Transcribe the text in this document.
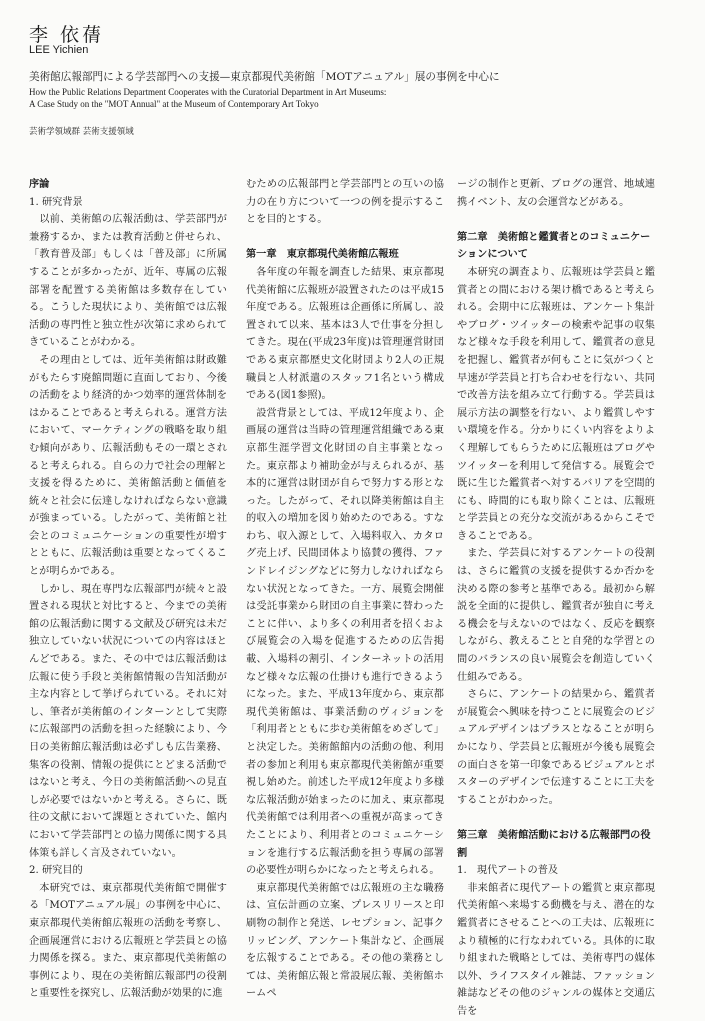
李 依蒨
LEE Yichien
美術館広報部門による学芸部門への支援—東京都現代美術館「MOTアニュアル」展の事例を中心に
How the Public Relations Department Cooperates with the Curatorial Department in Art Museums:
A Case Study on the "MOT Annual" at the Museum of Contemporary Art Tokyo
芸術学領域群 芸術支援領域
序論
1. 研究背景

以前、美術館の広報活動は、学芸部門が兼務するか、または教育活動と併せられ、「教育普及部」もしくは「普及部」に所属することが多かったが、近年、専属の広報部署を配置する美術館は多数存在している。こうした現状により、美術館では広報活動の専門性と独立性が次第に求められてきていることがわかる。

その理由としては、近年美術館は財政難がもたらす廃館問題に直面しており、今後の活動をより経済的かつ効率的運営体制をはかることであると考えられる。運営方法において、マーケティングの戦略を取り組む傾向があり、広報活動もその一環とされると考えられる。自らの力で社会の理解と支援を得るために、美術館活動と価値を統々と社会に伝達しなければならない意識が強まっている。したがって、美術館と社会とのコミュニケーションの重要性が増すとともに、広報活動は重要となってくることが明らかである。

しかし、現在専門な広報部門が続々と設置される現状と対比すると、今までの美術館の広報活動に関する文献及び研究は未だ独立していない状況についての内容はほとんどである。また、その中では広報活動は広報に使う手段と美術館情報の告知活動が主な内容として挙げられている。それに対し、筆者が美術館のインターンとして実際に広報部門の活動を担った経験により、今日の美術館広報活動は必ずしも広告業務、集客の役割、情報の提供にとどまる活動ではないと考え、今日の美術館活動への見直しが必要ではないかと考える。さらに、既往の文献において課題とされていた、館内において学芸部門との協力関係に関する具体策も詳しく言及されていない。

2. 研究目的

本研究では、東京都現代美術館で開催する「MOTアニュアル展」の事例を中心に、東京都現代美術館広報班の活動を考察し、企画展運営における広報班と学芸員との協力関係を探る。また、東京都現代美術館の事例により、現在の美術館広報部門の役割と重要性を探究し、広報活動が効果的に進

むための広報部門と学芸部門との互いの協力の在り方について一つの例を提示することを目的とする。

第一章　東京都現代美術館広報班

各年度の年報を調査した結果、東京都現代美術館に広報班が設置されたのは平成15年度である。広報班は企画係に所属し、設置されて以来、基本は3人で仕事を分担してきた。現在(平成23年度)は管理運営財団である東京都歴史文化財団より2人の正規職員と人材派遣のスタッフ1名という構成である(図1参照)。

設営背景としては、平成12年度より、企画展の運営は当時の管理運営組織である東京都生涯学習文化財団の自主事業となった。東京都より補助金が与えられるが、基本的に運営は財団が自らで努力する形となった。したがって、それ以降美術館は自主的収入の増加を図り始めたのである。すなわち、収入源として、入場料収入、カタログ売上げ、民間団体より協賛の獲得、ファンドレイジングなどに努力しなければならない状況となってきた。一方、展覧会開催は受託事業から財団の自主事業に替わったことに伴い、より多くの利用者を招くおよび展覧会の入場を促進するための広告掲載、入場料の割引、インターネットの活用など様々な広報の仕掛けも進行できるようになった。また、平成13年度から、東京都現代美術館は、事業活動のヴィジョンを「利用者とともに歩む美術館をめざして」と決定した。美術館館内の活動の他、利用者の参加と利用も東京都現代美術館が重要視し始めた。前述した平成12年度より多様な広報活動が始まったのに加え、東京都現代美術館では利用者への重視が高まってきたことにより、利用者とのコミュニケーションを進行する広報活動を担う専属の部署の必要性が明らかになったと考えられる。

東京都現代美術館では広報班の主な職務は、宣伝計画の立案、プレスリリースと印刷物の制作と発送、レセプション、記事クリッピング、アンケート集計など、企画展を広報することである。その他の業務としては、美術館広報と常設展広報、美術館ホームペ

ージの制作と更新、ブログの運営、地域連携イベント、友の会運営などがある。

第二章　美術館と鑑賞者とのコミュニケーションについて

本研究の調査より、広報班は学芸員と鑑賞者との間における架け橋であると考えられる。会期中に広報班は、アンケート集計やブログ・ツイッターの検索や記事の収集など様々な手段を利用して、鑑賞者の意見を把握し、鑑賞者が何もことに気がつくと早速が学芸員と打ち合わせを行ない、共同で改善方法を組み立て行動する。学芸員は展示方法の調整を行ない、より鑑賞しやすい環境を作る。分かりにくい内容をよりよく理解してもらうために広報班はブログやツイッターを利用して発信する。展覧会で既に生じた鑑賞者へ対するバリアを空間的にも、時間的にも取り除くことは、広報班と学芸員との充分な交流があるからこそできることである。

また、学芸員に対するアンケートの役割は、さらに鑑賞の支援を提供するか否かを決める際の参考と基準である。最初から解説を全面的に提供し、鑑賞者が独自に考える機会を与えないのではなく、反応を観察しながら、教えることと自発的な学習との間のバランスの良い展覧会を創造していく仕組みである。

さらに、アンケートの結果から、鑑賞者が展覧会へ興味を持つことに展覧会のビジュアルデザインはプラスとなることが明らかになり、学芸員と広報班が今後も展覧会の面白さを第一印象であるビジュアルとポスターのデザインで伝達することに工夫をすることがわかった。

第三章　美術館活動における広報部門の役割
1.　現代アートの普及

非来館者に現代アートの鑑賞と東京都現代美術館へ来場する動機を与え、潜在的な鑑賞者にさせることへの工夫は、広報班により積極的に行なわれている。具体的に取り組まれた戦略としては、美術専門の媒体以外、ライフスタイル雑誌、ファッション雑誌などその他のジャンルの媒体と交通広告を
